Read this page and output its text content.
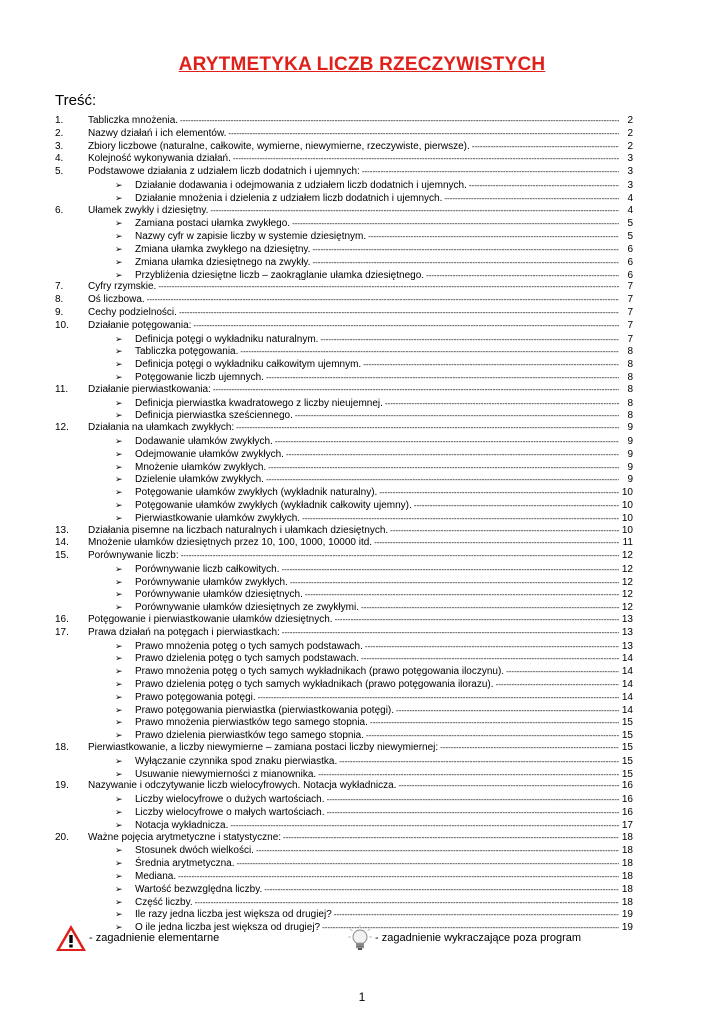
ARYTMETYKA LICZB RZECZYWISTYCH
Treść:
1.	Tabliczka mnożenia. -----	2
2.	Nazwy działań i ich elementów. -----	2
3.	Zbiory liczbowe (naturalne, całkowite, wymierne, niewymierne, rzeczywiste, pierwsze). -----	2
4.	Kolejność wykonywania działań. -----	3
5.	Podstawowe działania z udziałem liczb dodatnich i ujemnych: -----	3
➢	Działanie dodawania i odejmowania z udziałem liczb dodatnich i ujemnych. -----	3
➢	Działanie mnożenia i dzielenia z udziałem liczb dodatnich i ujemnych. -----	4
6.	Ułamek zwykły i dziesiętny. -----	4
➢	Zamiana postaci ułamka zwykłego. -----	5
➢	Nazwy cyfr w zapisie liczby w systemie dziesiętnym. -----	5
➢	Zmiana ułamka zwykłego na dziesiętny. -----	6
➢	Zmiana ułamka dziesiętnego na zwykły. -----	6
➢	Przybliżenia dziesiętne liczb – zaokrąglanie ułamka dziesiętnego. -----	6
7.	Cyfry rzymskie. -----	7
8.	Oś liczbowa. -----	7
9.	Cechy podzielności. -----	7
10.	Działanie potęgowania: -----	7
➢	Definicja potęgi o wykładniku naturalnym. -----	7
➢	Tabliczka potęgowania. -----	8
➢	Definicja potęgi o wykładniku całkowitym ujemnym. -----	8
➢	Potęgowanie liczb ujemnych. -----	8
11.	Działanie pierwiastkowania: -----	8
➢	Definicja pierwiastka kwadratowego z liczby nieujemnej. -----	8
➢	Definicja pierwiastka sześciennego. -----	8
12.	Działania na ułamkach zwykłych: -----	9
➢	Dodawanie ułamków zwykłych. -----	9
➢	Odejmowanie ułamków zwykłych. -----	9
➢	Mnożenie ułamków zwykłych. -----	9
➢	Dzielenie ułamków zwykłych. -----	9
➢	Potęgowanie ułamków zwykłych (wykładnik naturalny). -----	10
➢	Potęgowanie ułamków zwykłych (wykładnik całkowity ujemny). -----	10
➢	Pierwiastkowanie ułamków zwykłych. -----	10
13.	Działania pisemne na liczbach naturalnych i ułamkach dziesiętnych. -----	10
14.	Mnożenie ułamków dziesiętnych przez 10, 100, 1000, 10000 itd. -----	11
15.	Porównywanie liczb: -----	12
➢	Porównywanie liczb całkowitych. -----	12
➢	Porównywanie ułamków zwykłych. -----	12
➢	Porównywanie ułamków dziesiętnych. -----	12
➢	Porównywanie ułamków dziesiętnych ze zwykłymi. -----	12
16.	Potęgowanie i pierwiastkowanie ułamków dziesiętnych. -----	13
17.	Prawa działań na potęgach i pierwiastkach: -----	13
➢	Prawo mnożenia potęg o tych samych podstawach. -----	13
➢	Prawo dzielenia potęg o tych samych podstawach. -----	14
➢	Prawo mnożenia potęg o tych samych wykładnikach (prawo potęgowania iloczynu). -----	14
➢	Prawo dzielenia potęg o tych samych wykładnikach (prawo potęgowania ilorazu). -----	14
➢	Prawo potęgowania potęgi. -----	14
➢	Prawo potęgowania pierwiastka (pierwiastkowania potęgi). -----	14
➢	Prawo mnożenia pierwiastków tego samego stopnia. -----	15
➢	Prawo dzielenia pierwiastków tego samego stopnia. -----	15
18.	Pierwiastkowanie, a liczby niewymierne – zamiana postaci liczby niewymiernej: -----	15
➢	Wyłączanie czynnika spod znaku pierwiastka. -----	15
➢	Usuwanie niewymierności z mianownika. -----	15
19.	Nazywanie i odczytywanie liczb wielocyfrowych. Notacja wykładnicza. -----	16
➢	Liczby wielocyfrowe o dużych wartościach. -----	16
➢	Liczby wielocyfrowe o małych wartościach. -----	16
➢	Notacja wykładnicza. -----	17
20.	Ważne pojęcia arytmetyczne i statystyczne: -----	18
➢	Stosunek dwóch wielkości. -----	18
➢	Średnia arytmetyczna. -----	18
➢	Mediana. -----	18
➢	Wartość bezwzględna liczby. -----	18
➢	Część liczby. -----	18
➢	Ile razy jedna liczba jest większa od drugiej? -----	19
➢	O ile jedna liczba jest większa od drugiej? -----	19
- zagadnienie elementarne	- zagadnienie wykraczające poza program
1
